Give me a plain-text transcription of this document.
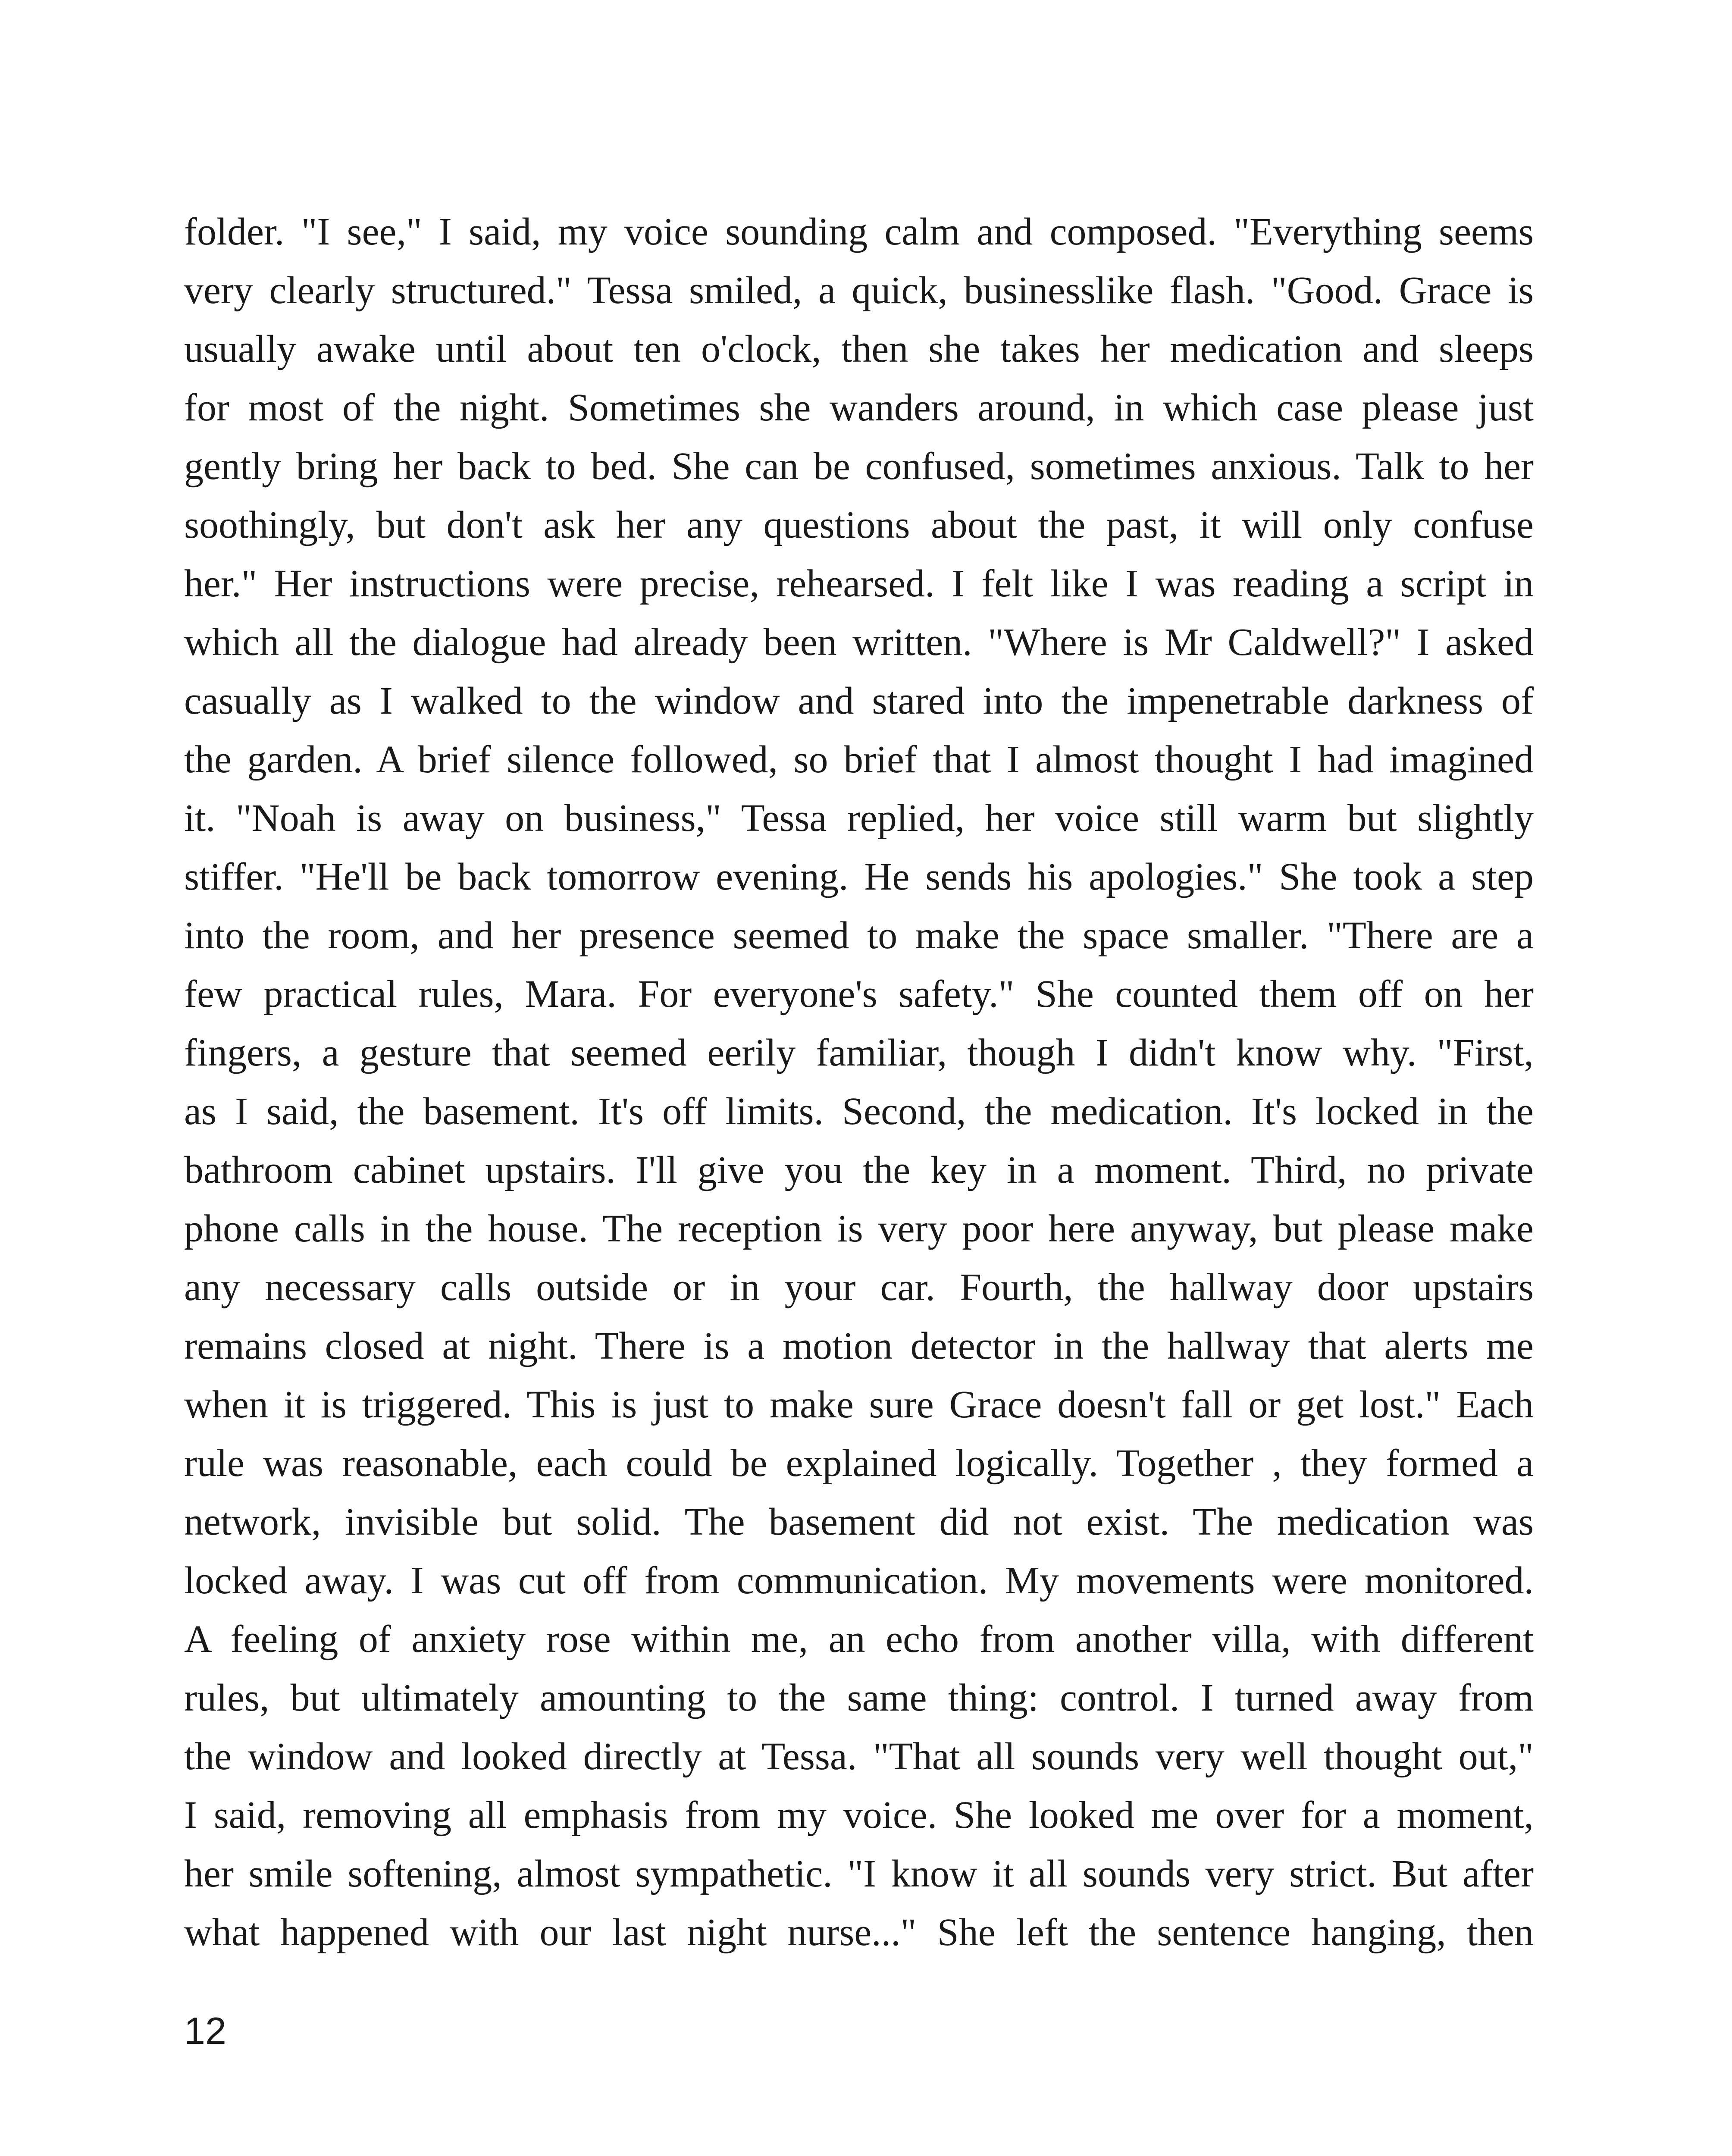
folder. "I see," I said, my voice sounding calm and composed. "Everything seems
very clearly structured." Tessa smiled, a quick, businesslike flash. "Good. Grace is
usually awake until about ten o'clock, then she takes her medication and sleeps
for most of the night. Sometimes she wanders around, in which case please just
gently bring her back to bed. She can be confused, sometimes anxious. Talk to her
soothingly, but don't ask her any questions about the past, it will only confuse
her." Her instructions were precise, rehearsed. I felt like I was reading a script in
which all the dialogue had already been written. "Where is Mr Caldwell?" I asked
casually as I walked to the window and stared into the impenetrable darkness of
the garden. A brief silence followed, so brief that I almost thought I had imagined
it. "Noah is away on business," Tessa replied, her voice still warm but slightly
stiffer. "He'll be back tomorrow evening. He sends his apologies." She took a step
into the room, and her presence seemed to make the space smaller. "There are a
few practical rules, Mara. For everyone's safety." She counted them off on her
fingers, a gesture that seemed eerily familiar, though I didn't know why. "First,
as I said, the basement. It's off limits. Second, the medication. It's locked in the
bathroom cabinet upstairs. I'll give you the key in a moment. Third, no private
phone calls in the house. The reception is very poor here anyway, but please make
any necessary calls outside or in your car. Fourth, the hallway door upstairs
remains closed at night. There is a motion detector in the hallway that alerts me
when it is triggered. This is just to make sure Grace doesn't fall or get lost." Each
rule was reasonable, each could be explained logically. Together , they formed a
network, invisible but solid. The basement did not exist. The medication was
locked away. I was cut off from communication. My movements were monitored.
A feeling of anxiety rose within me, an echo from another villa, with different
rules, but ultimately amounting to the same thing: control. I turned away from
the window and looked directly at Tessa. "That all sounds very well thought out,"
I said, removing all emphasis from my voice. She looked me over for a moment,
her smile softening, almost sympathetic. "I know it all sounds very strict. But after
what happened with our last night nurse..." She left the sentence hanging, then
12
